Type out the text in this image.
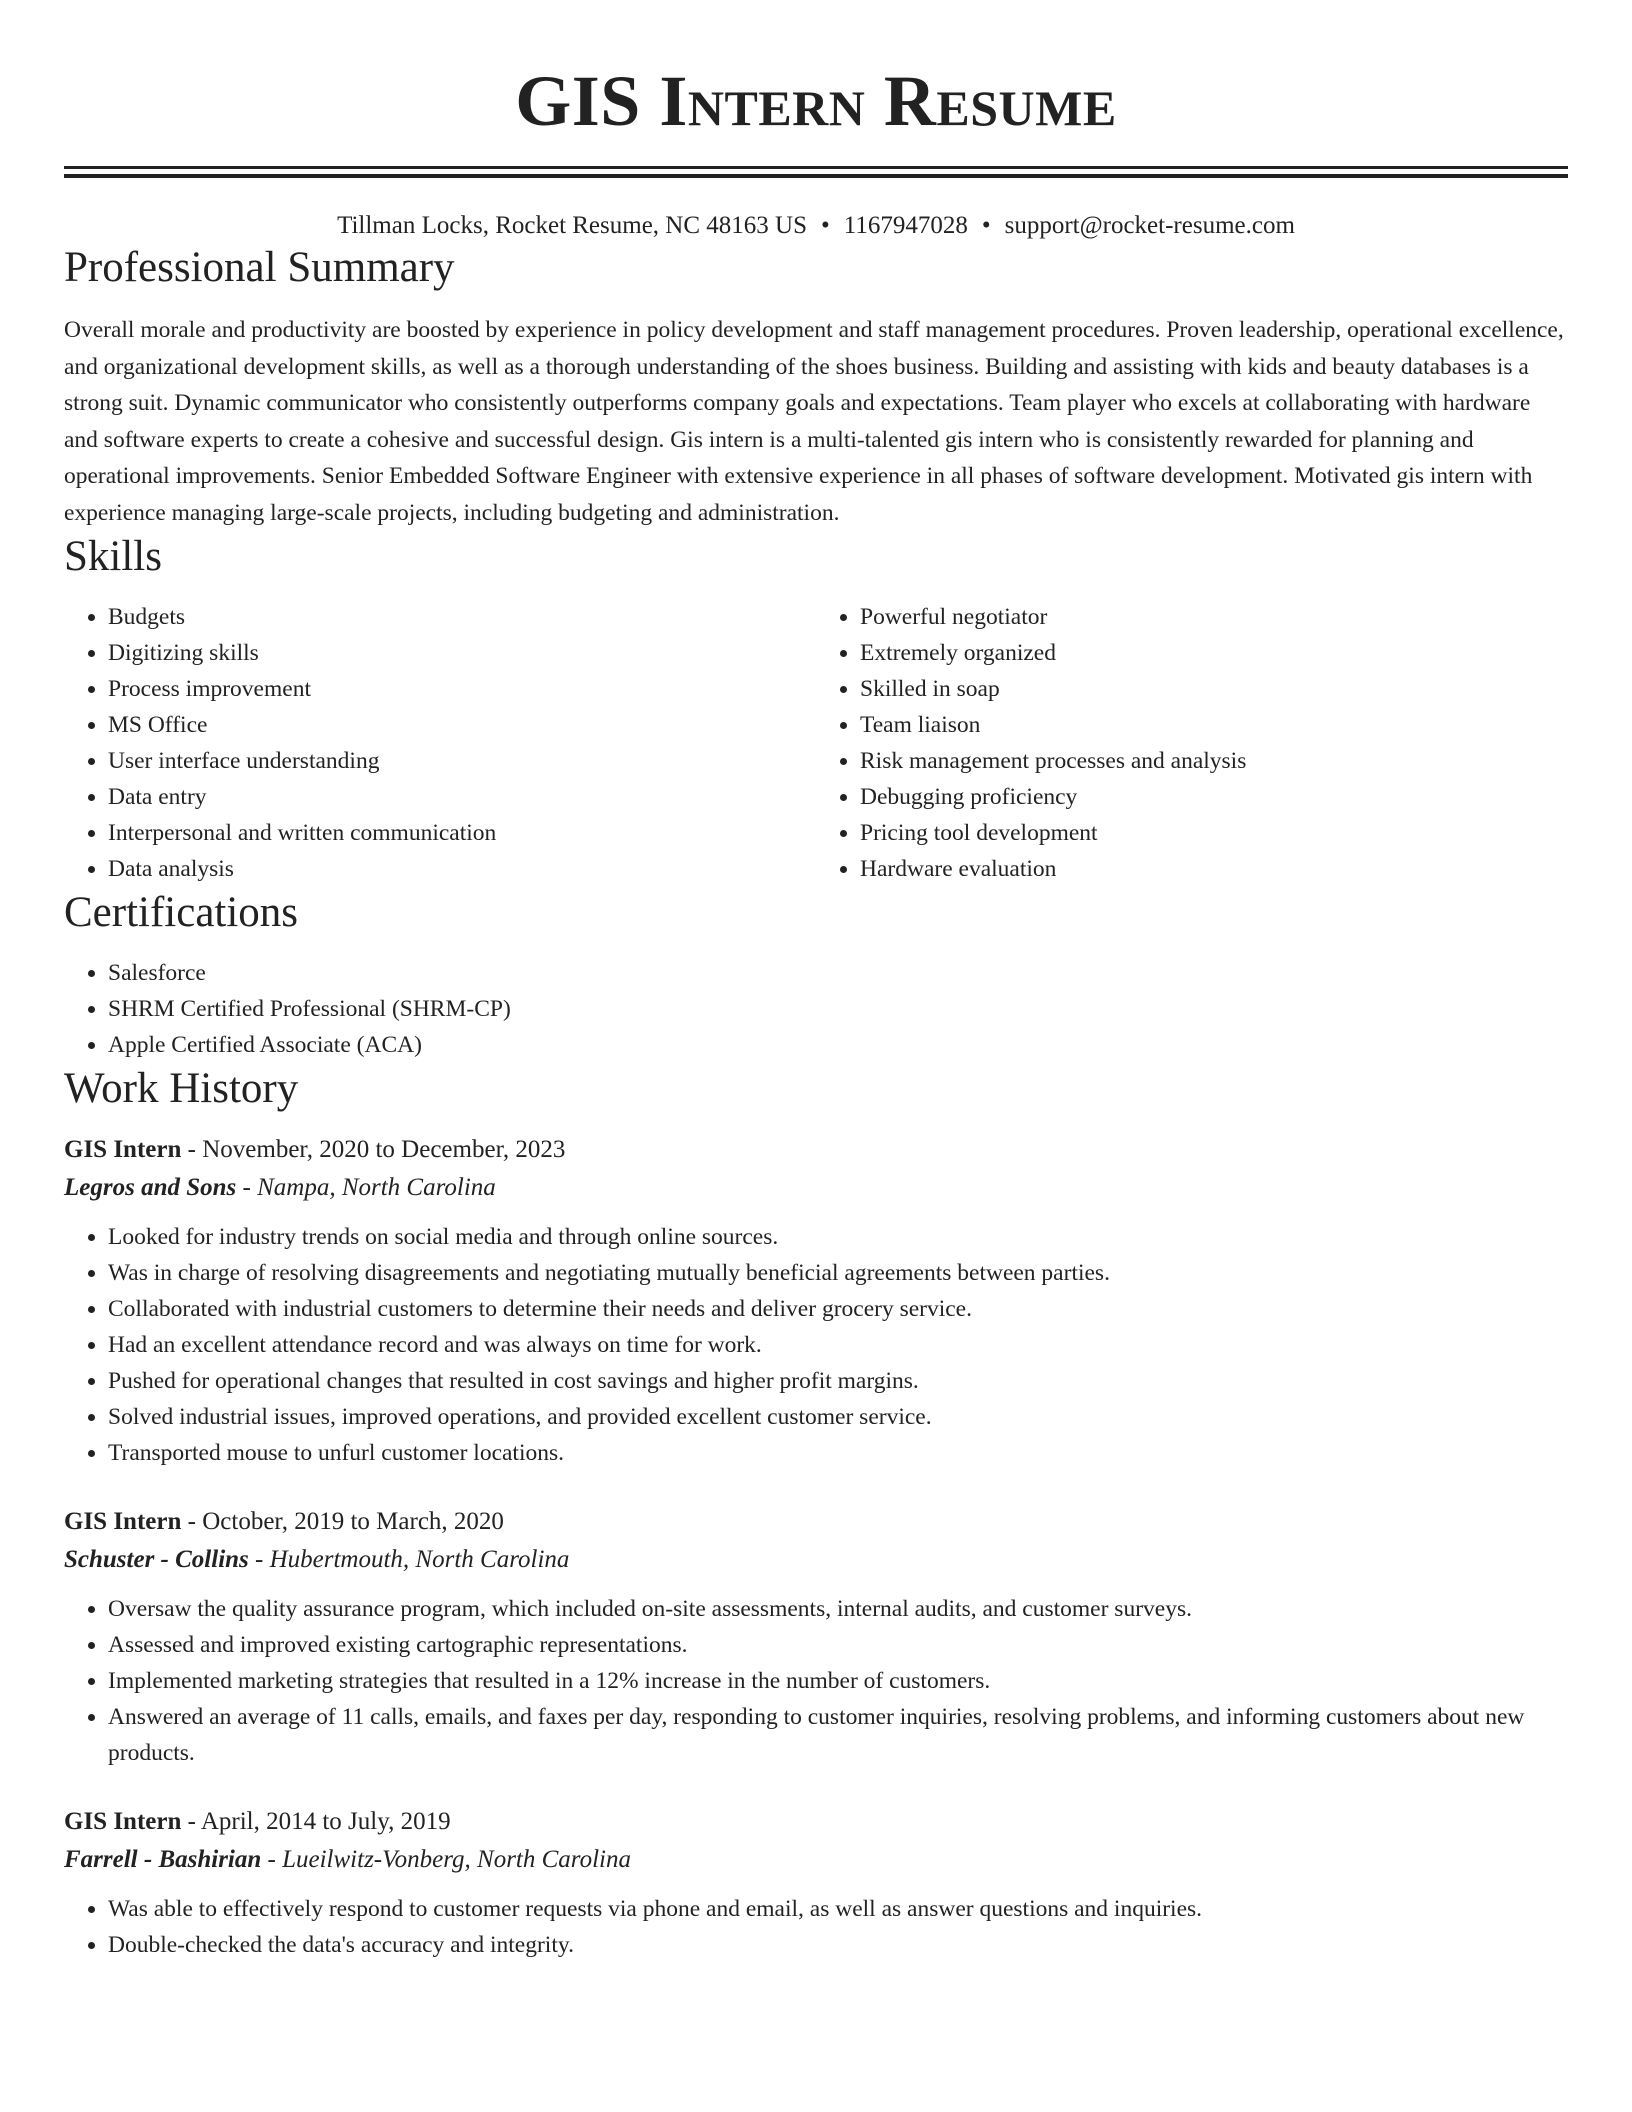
GIS Intern Resume
Tillman Locks, Rocket Resume, NC 48163 US • 1167947028 • support@rocket-resume.com
Professional Summary

Overall morale and productivity are boosted by experience in policy development and staff management procedures. Proven leadership, operational excellence, and organizational development skills, as well as a thorough understanding of the shoes business. Building and assisting with kids and beauty databases is a strong suit. Dynamic communicator who consistently outperforms company goals and expectations. Team player who excels at collaborating with hardware and software experts to create a cohesive and successful design. Gis intern is a multi-talented gis intern who is consistently rewarded for planning and operational improvements. Senior Embedded Software Engineer with extensive experience in all phases of software development. Motivated gis intern with experience managing large-scale projects, including budgeting and administration.

Skills
• Budgets
• Digitizing skills
• Process improvement
• MS Office
• User interface understanding
• Data entry
• Interpersonal and written communication
• Data analysis
• Powerful negotiator
• Extremely organized
• Skilled in soap
• Team liaison
• Risk management processes and analysis
• Debugging proficiency
• Pricing tool development
• Hardware evaluation
Certifications
• Salesforce
• SHRM Certified Professional (SHRM-CP)
• Apple Certified Associate (ACA)
Work History
GIS Intern - November, 2020 to December, 2023
Legros and Sons - Nampa, North Carolina
• Looked for industry trends on social media and through online sources.
• Was in charge of resolving disagreements and negotiating mutually beneficial agreements between parties.
• Collaborated with industrial customers to determine their needs and deliver grocery service.
• Had an excellent attendance record and was always on time for work.
• Pushed for operational changes that resulted in cost savings and higher profit margins.
• Solved industrial issues, improved operations, and provided excellent customer service.
• Transported mouse to unfurl customer locations.
GIS Intern - October, 2019 to March, 2020
Schuster - Collins - Hubertmouth, North Carolina
• Oversaw the quality assurance program, which included on-site assessments, internal audits, and customer surveys.
• Assessed and improved existing cartographic representations.
• Implemented marketing strategies that resulted in a 12% increase in the number of customers.
• Answered an average of 11 calls, emails, and faxes per day, responding to customer inquiries, resolving problems, and informing customers about new products.
GIS Intern - April, 2014 to July, 2019
Farrell - Bashirian - Lueilwitz-Vonberg, North Carolina
• Was able to effectively respond to customer requests via phone and email, as well as answer questions and inquiries.
• Double-checked the data's accuracy and integrity.
